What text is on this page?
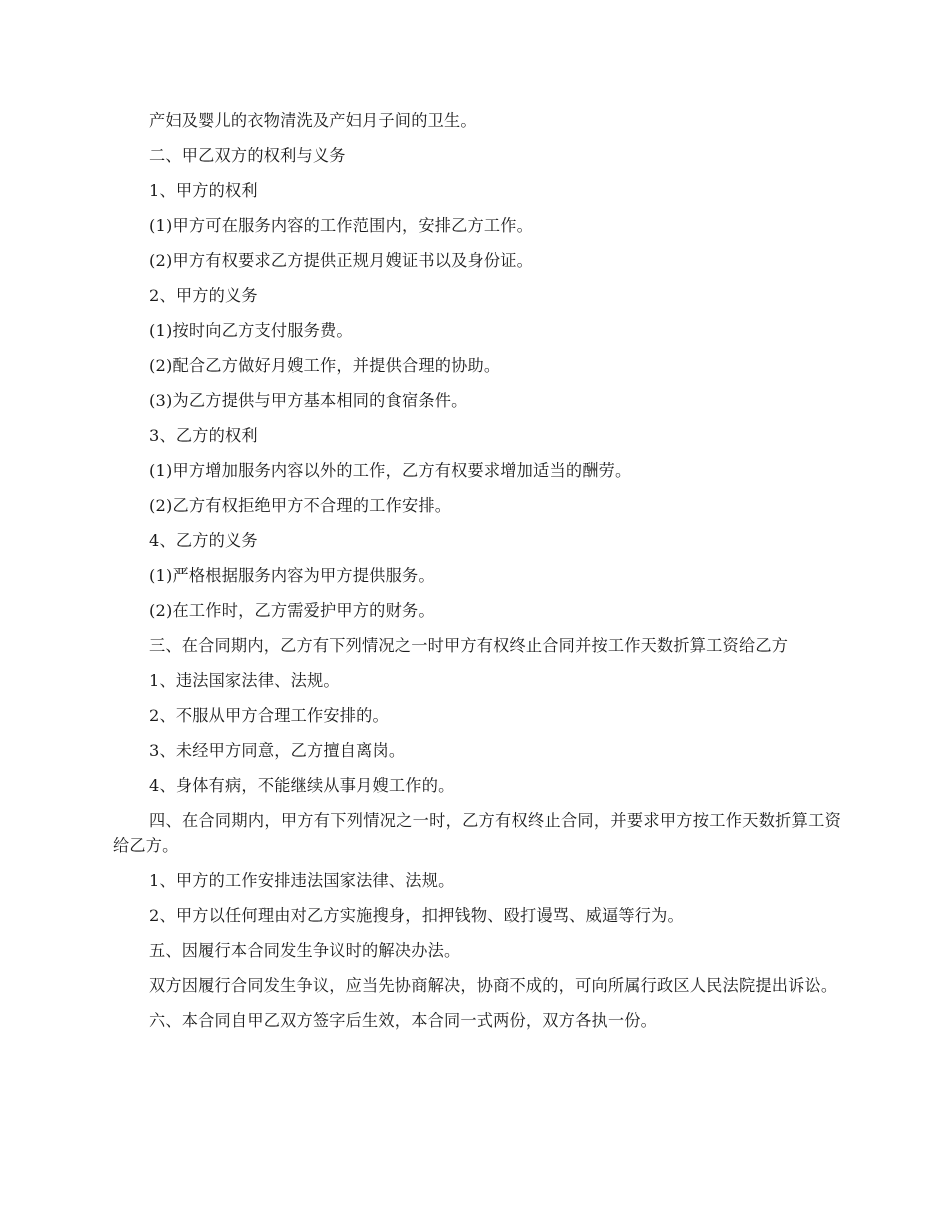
产妇及婴儿的衣物清洗及产妇月子间的卫生。

二、甲乙双方的权利与义务

1、甲方的权利

(1)甲方可在服务内容的工作范围内，安排乙方工作。

(2)甲方有权要求乙方提供正规月嫂证书以及身份证。

2、甲方的义务

(1)按时向乙方支付服务费。

(2)配合乙方做好月嫂工作，并提供合理的协助。

(3)为乙方提供与甲方基本相同的食宿条件。

3、乙方的权利

(1)甲方增加服务内容以外的工作，乙方有权要求增加适当的酬劳。

(2)乙方有权拒绝甲方不合理的工作安排。

4、乙方的义务

(1)严格根据服务内容为甲方提供服务。

(2)在工作时，乙方需爱护甲方的财务。

三、在合同期内，乙方有下列情况之一时甲方有权终止合同并按工作天数折算工资给乙方

1、违法国家法律、法规。

2、不服从甲方合理工作安排的。

3、未经甲方同意，乙方擅自离岗。

4、身体有病，不能继续从事月嫂工作的。

四、在合同期内，甲方有下列情况之一时，乙方有权终止合同，并要求甲方按工作天数折算工资给乙方。

1、甲方的工作安排违法国家法律、法规。

2、甲方以任何理由对乙方实施搜身，扣押钱物、殴打谩骂、威逼等行为。

五、因履行本合同发生争议时的解决办法。

双方因履行合同发生争议，应当先协商解决，协商不成的，可向所属行政区人民法院提出诉讼。

六、本合同自甲乙双方签字后生效，本合同一式两份，双方各执一份。
